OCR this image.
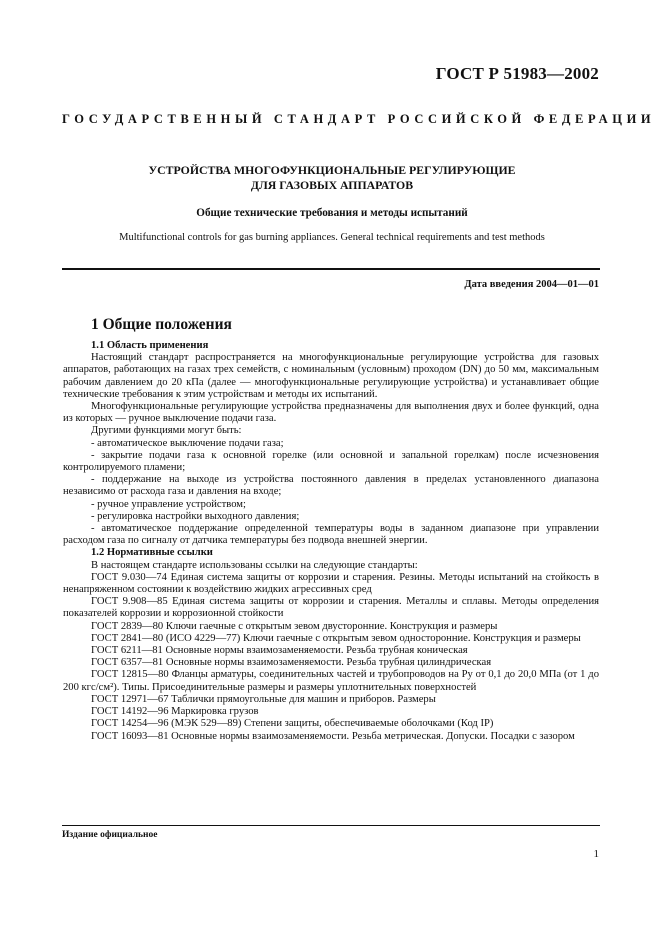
ГОСТ Р 51983—2002
ГОСУДАРСТВЕННЫЙ СТАНДАРТ РОССИЙСКОЙ ФЕДЕРАЦИИ
УСТРОЙСТВА МНОГОФУНКЦИОНАЛЬНЫЕ РЕГУЛИРУЮЩИЕ
ДЛЯ ГАЗОВЫХ АППАРАТОВ
Общие технические требования и методы испытаний
Multifunctional controls for gas burning appliances. General technical requirements and test methods
Дата введения 2004—01—01
1 Общие положения
1.1 Область применения

Настоящий стандарт распространяется на многофункциональные регулирующие устройства для газовых аппаратов, работающих на газах трех семейств, с номинальным (условным) проходом (DN) до 50 мм, максимальным рабочим давлением до 20 кПа (далее — многофункциональные регулирующие устройства) и устанавливает общие технические требования к этим устройствам и методы их испытаний.

Многофункциональные регулирующие устройства предназначены для выполнения двух и более функций, одна из которых — ручное выключение подачи газа.

Другими функциями могут быть:

- автоматическое выключение подачи газа;

- закрытие подачи газа к основной горелке (или основной и запальной горелкам) после исчезновения контролируемого пламени;

- поддержание на выходе из устройства постоянного давления в пределах установленного диапазона независимо от расхода газа и давления на входе;

- ручное управление устройством;

- регулировка настройки выходного давления;

- автоматическое поддержание определенной температуры воды в заданном диапазоне при управлении расходом газа по сигналу от датчика температуры без подвода внешней энергии.

1.2 Нормативные ссылки

В настоящем стандарте использованы ссылки на следующие стандарты:

ГОСТ 9.030—74 Единая система защиты от коррозии и старения. Резины. Методы испытаний на стойкость в ненапряженном состоянии к воздействию жидких агрессивных сред

ГОСТ 9.908—85 Единая система защиты от коррозии и старения. Металлы и сплавы. Методы определения показателей коррозии и коррозионной стойкости

ГОСТ 2839—80 Ключи гаечные с открытым зевом двусторонние. Конструкция и размеры

ГОСТ 2841—80 (ИСО 4229—77) Ключи гаечные с открытым зевом односторонние. Конструкция и размеры

ГОСТ 6211—81 Основные нормы взаимозаменяемости. Резьба трубная коническая

ГОСТ 6357—81 Основные нормы взаимозаменяемости. Резьба трубная цилиндрическая

ГОСТ 12815—80 Фланцы арматуры, соединительных частей и трубопроводов на Pу от 0,1 до 20,0 МПа (от 1 до 200 кгс/см²). Типы. Присоединительные размеры и размеры уплотнительных поверхностей

ГОСТ 12971—67 Таблички прямоугольные для машин и приборов. Размеры

ГОСТ 14192—96 Маркировка грузов

ГОСТ 14254—96 (МЭК 529—89) Степени защиты, обеспечиваемые оболочками (Код IP)

ГОСТ 16093—81 Основные нормы взаимозаменяемости. Резьба метрическая. Допуски. Посадки с зазором

Издание официальное
1
